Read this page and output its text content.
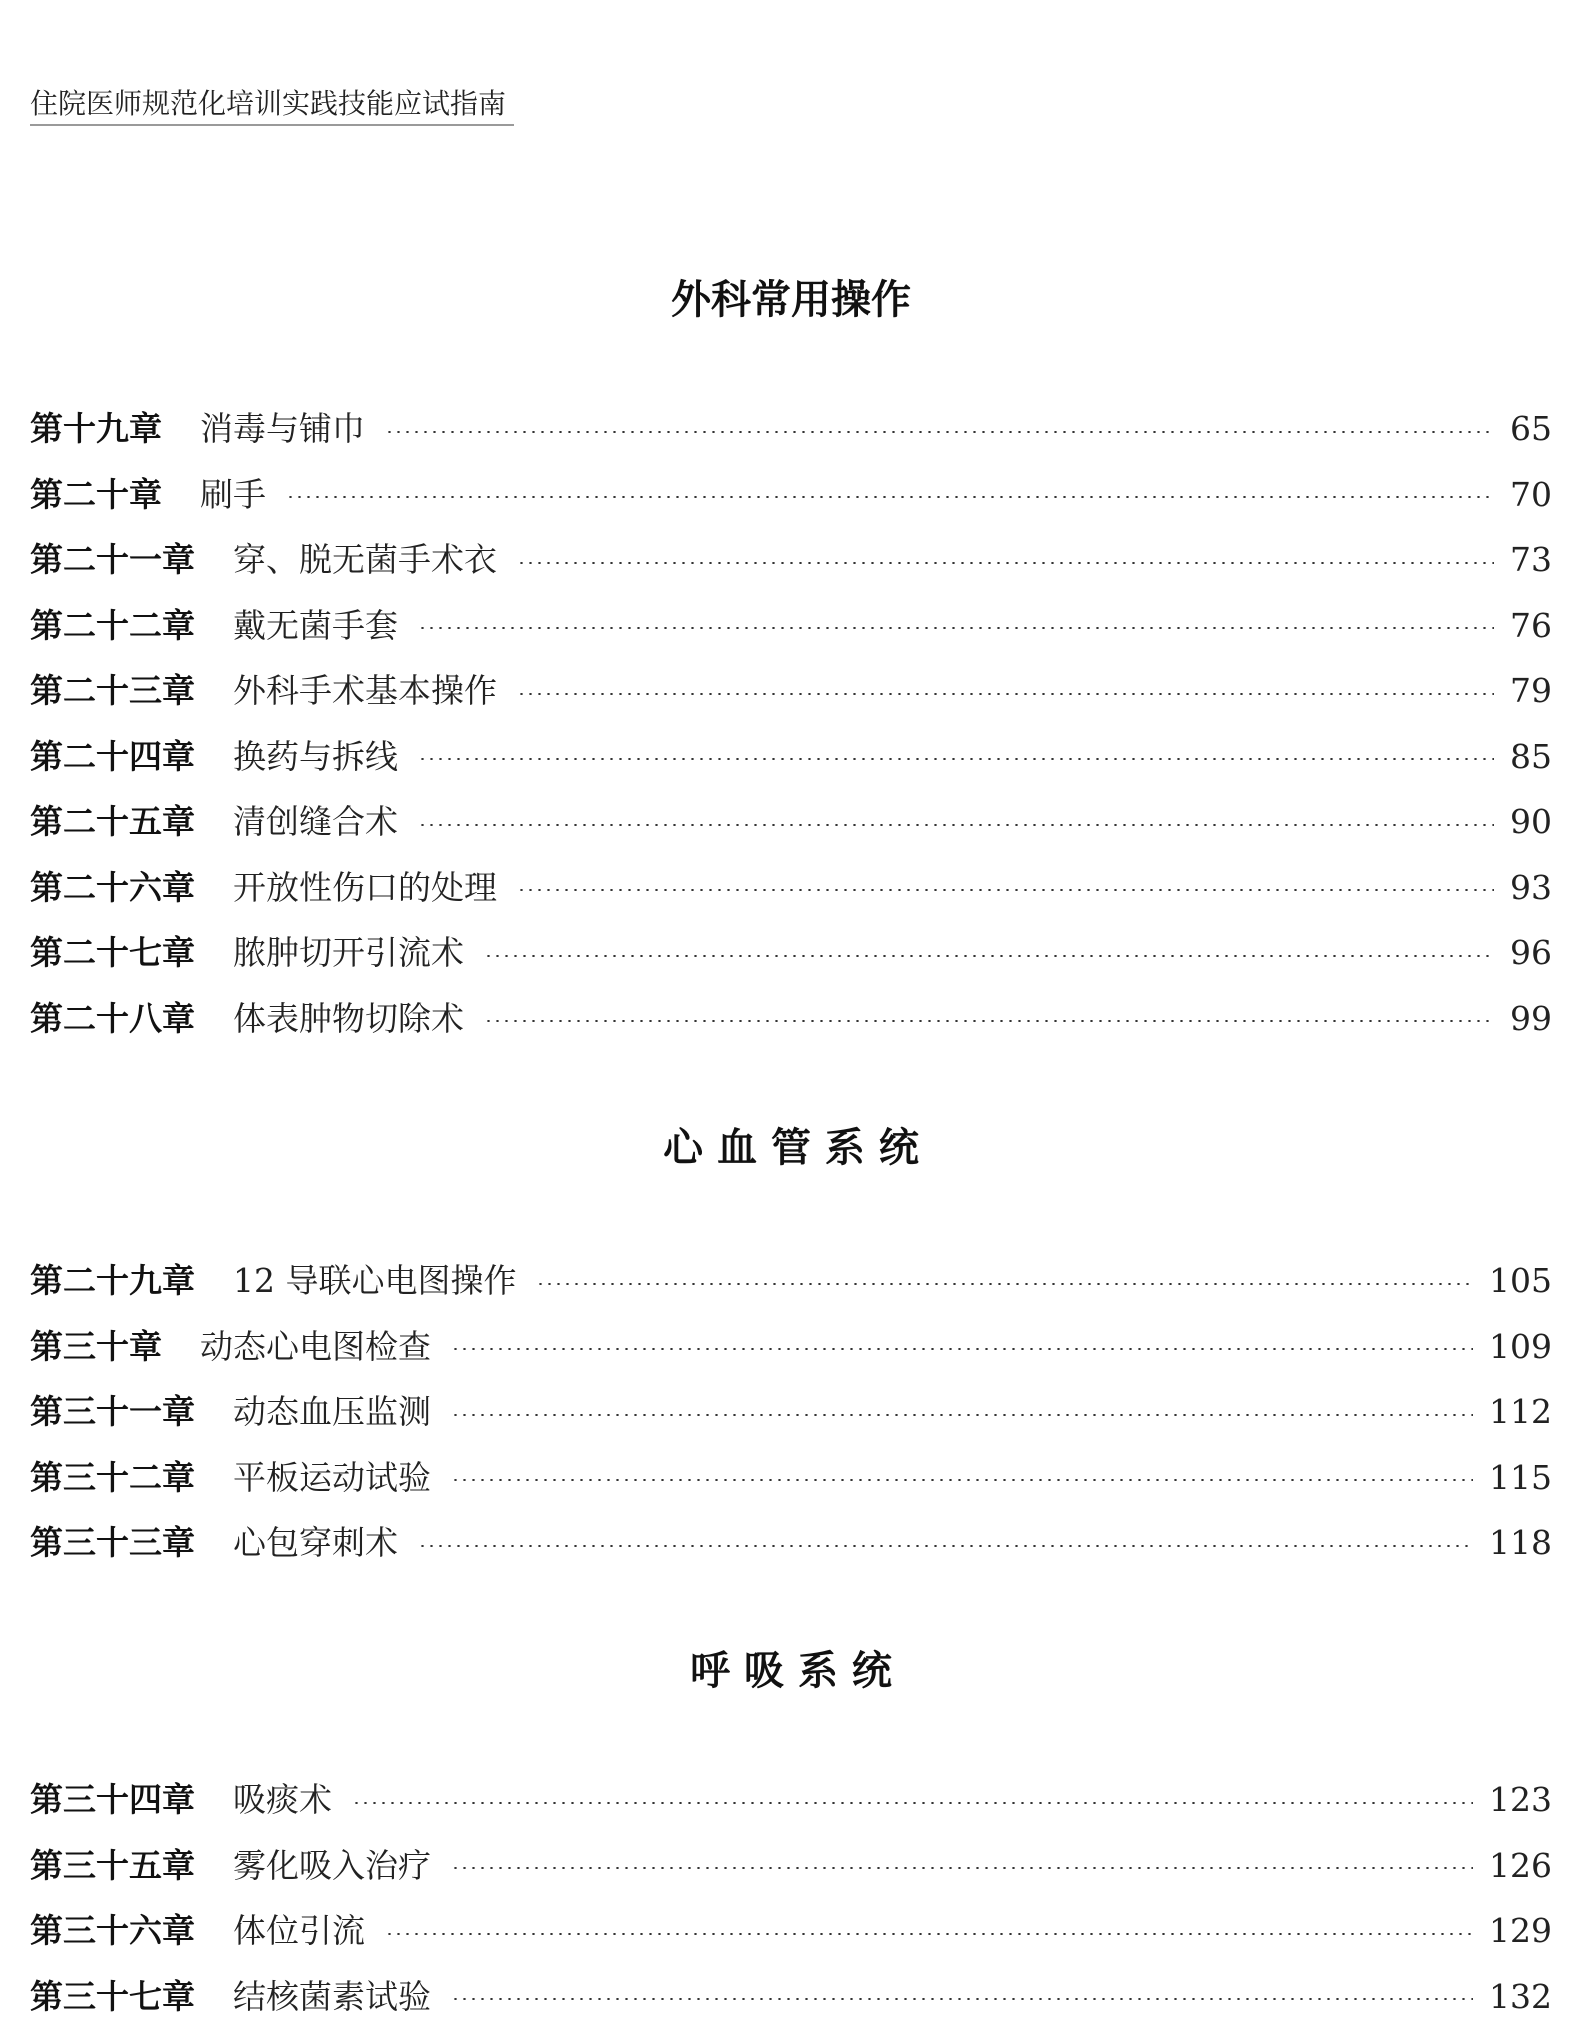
住院医师规范化培训实践技能应试指南
外科常用操作
第十九章 消毒与铺巾	65
第二十章 刷手	70
第二十一章 穿、脱无菌手术衣	73
第二十二章 戴无菌手套	76
第二十三章 外科手术基本操作	79
第二十四章 换药与拆线	85
第二十五章 清创缝合术	90
第二十六章 开放性伤口的处理	93
第二十七章 脓肿切开引流术	96
第二十八章 体表肿物切除术	99
心 血 管 系 统
第二十九章 12 导联心电图操作	105
第三十章 动态心电图检查	109
第三十一章 动态血压监测	112
第三十二章 平板运动试验	115
第三十三章 心包穿刺术	118
呼 吸 系 统
第三十四章 吸痰术	123
第三十五章 雾化吸入治疗	126
第三十六章 体位引流	129
第三十七章 结核菌素试验	132
